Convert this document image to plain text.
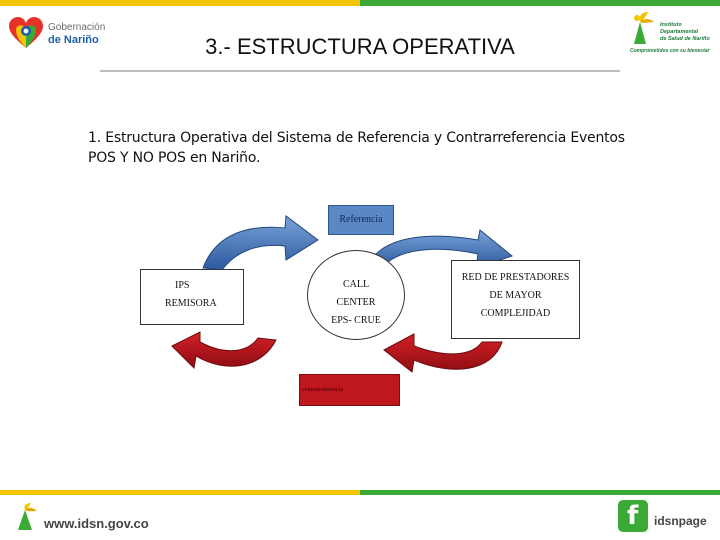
Gobernación
de Nariño
Instituto
Departamental
de Salud de Nariño
Comprometidos con su bienestar
3.- ESTRUCTURA OPERATIVA
1. Estructura Operativa del Sistema de Referencia y Contrarreferencia Eventos POS Y NO POS en Nariño.
Referencia
IPS
REMISORA
CALL
CENTER
EPS- CRUE
RED DE PRESTADORES
DE MAYOR
COMPLEJIDAD
contrarreferencia
www.idsn.gov.co	f idsnpage
